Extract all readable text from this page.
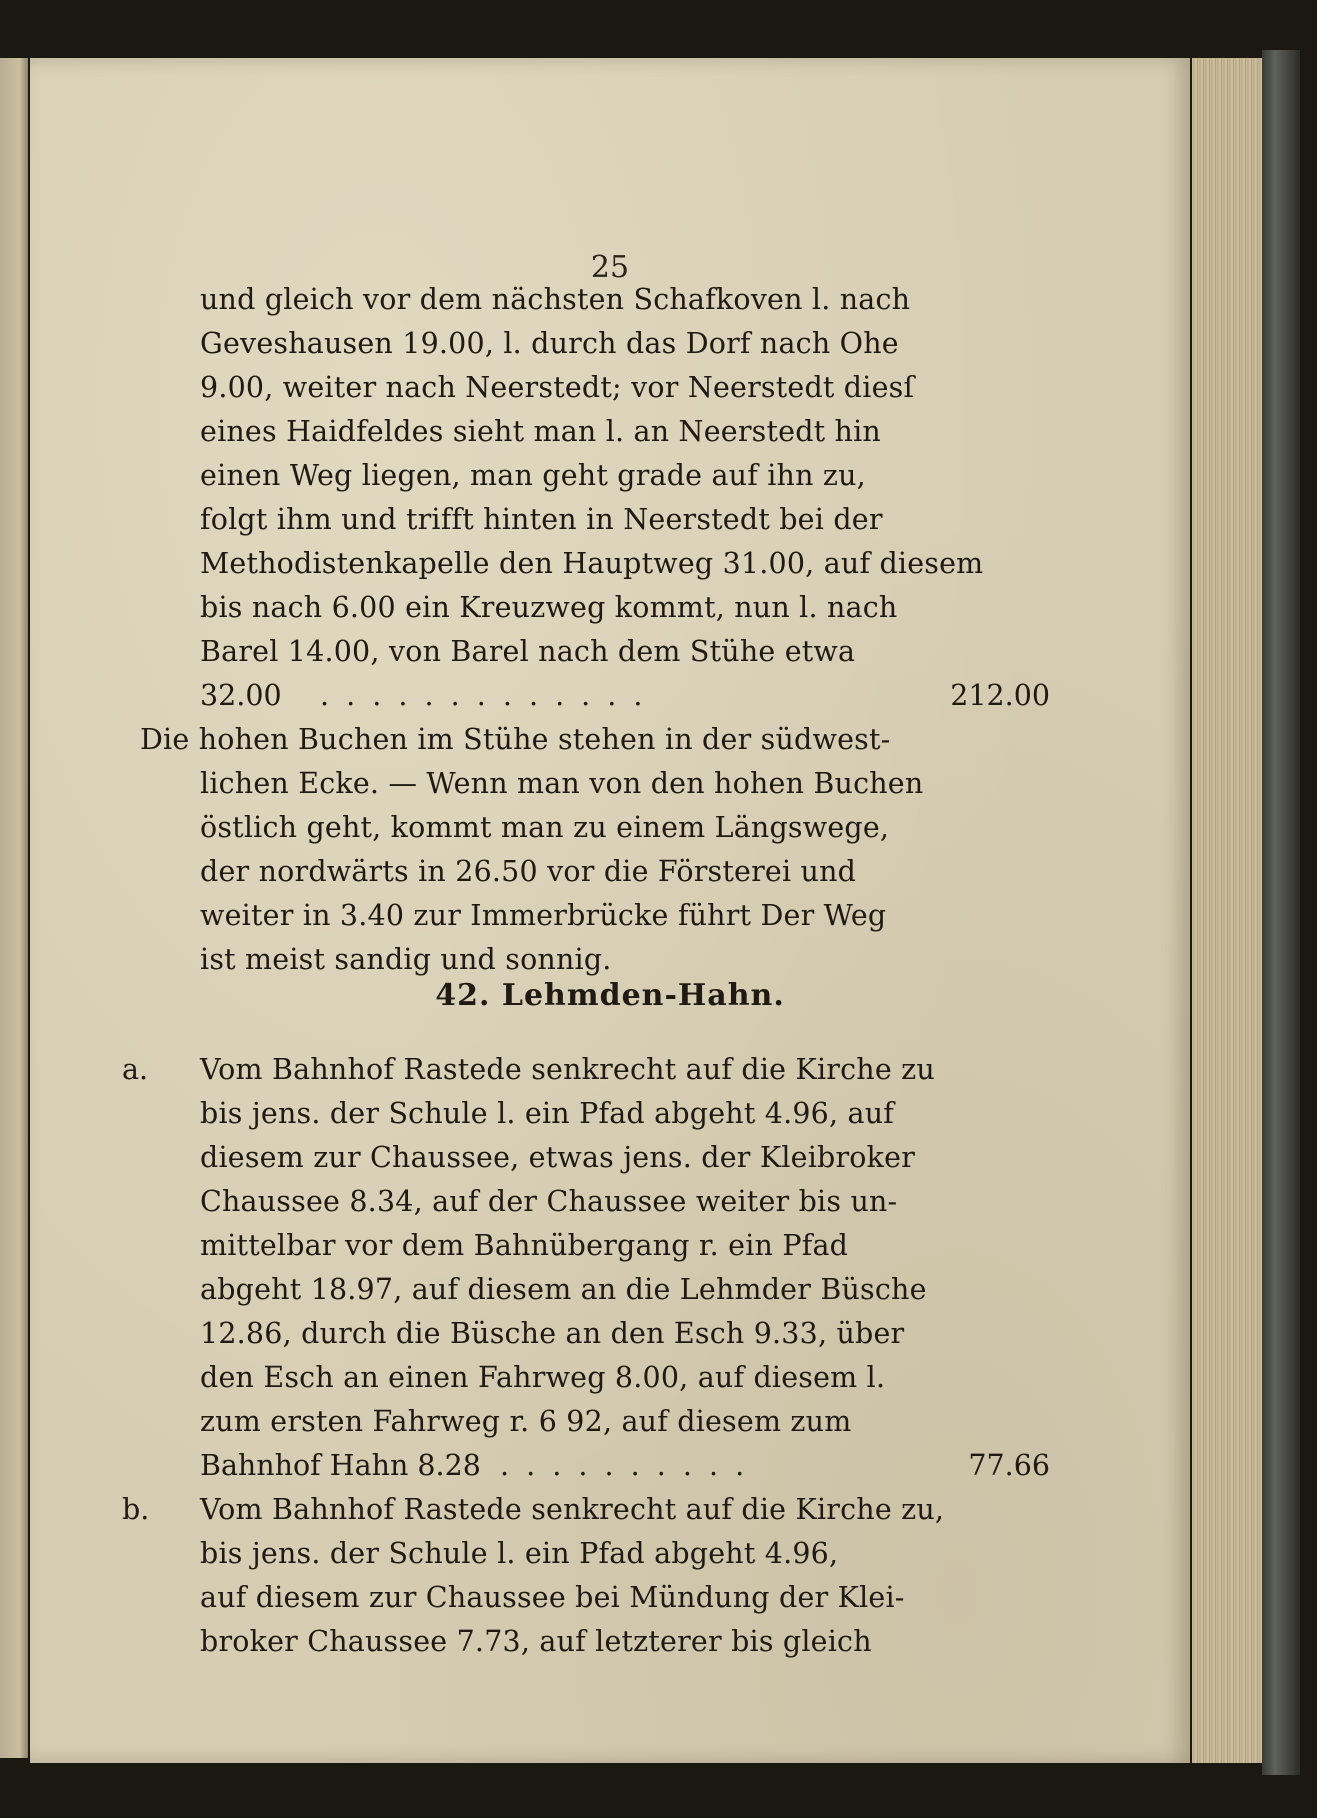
25
und gleich vor dem nächsten Schafkoven l. nach
Geveshausen 19.00, l. durch das Dorf nach Ohe
9.00, weiter nach Neerstedt; vor Neerstedt diesſ
eines Haidfeldes sieht man l. an Neerstedt hin
einen Weg liegen, man geht grade auf ihn zu,
folgt ihm und trifft hinten in Neerstedt bei der
Methodistenkapelle den Hauptweg 31.00, auf diesem
bis nach 6.00 ein Kreuzweg kommt, nun l. nach
Barel 14.00, von Barel nach dem Stühe etwa
32.00 . . . . . . . . . . . . .	212.00
Die hohen Buchen im Stühe stehen in der südwest-
lichen Ecke. — Wenn man von den hohen Buchen
östlich geht, kommt man zu einem Längswege,
der nordwärts in 26.50 vor die Försterei und
weiter in 3.40 zur Immerbrücke führt Der Weg
ist meist sandig und sonnig.
42. Lehmden-Hahn.
a. Vom Bahnhof Rastede senkrecht auf die Kirche zu
bis jens. der Schule l. ein Pfad abgeht 4.96, auf
diesem zur Chaussee, etwas jens. der Kleibroker
Chaussee 8.34, auf der Chaussee weiter bis un-
mittelbar vor dem Bahnübergang r. ein Pfad
abgeht 18.97, auf diesem an die Lehmder Büsche
12.86, durch die Büsche an den Esch 9.33, über
den Esch an einen Fahrweg 8.00, auf diesem l.
zum ersten Fahrweg r. 6 92, auf diesem zum
Bahnhof Hahn 8.28 . . . . . . . . . .	77.66
b. Vom Bahnhof Rastede senkrecht auf die Kirche zu,
bis jens. der Schule l. ein Pfad abgeht 4.96,
auf diesem zur Chaussee bei Mündung der Klei-
broker Chaussee 7.73, auf letzterer bis gleich
